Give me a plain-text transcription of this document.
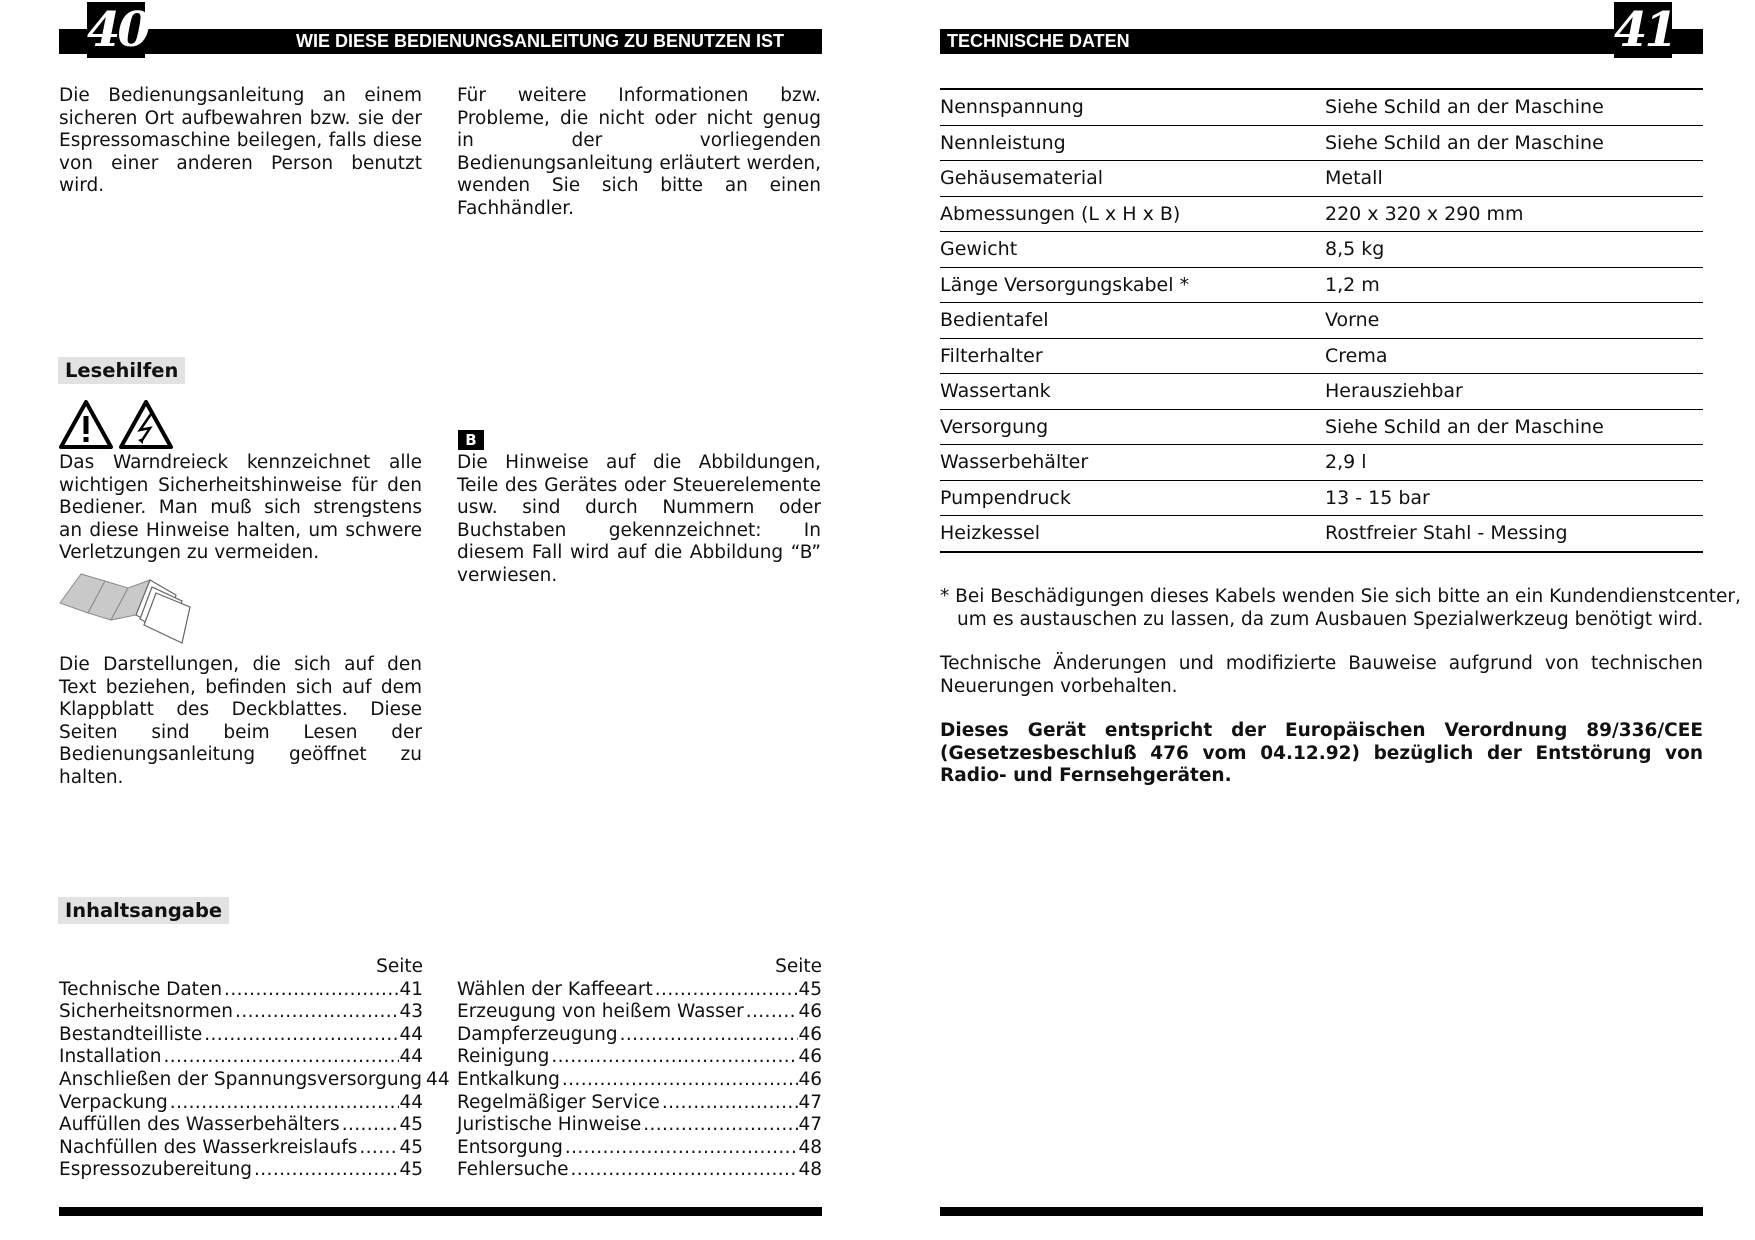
40	WIE DIESE BEDIENUNGSANLEITUNG ZU BENUTZEN IST
Die Bedienungsanleitung an einem sicheren Ort aufbewahren bzw. sie der Espressomaschine beilegen, falls diese von einer anderen Person benutzt wird.
Für weitere Informationen bzw. Probleme, die nicht oder nicht genug in der vorliegenden Bedienungsanleitung erläutert werden, wenden Sie sich bitte an einen Fachhändler.
Lesehilfen
Das Warndreieck kennzeichnet alle wichtigen Sicherheitshinweise für den Bediener. Man muß sich strengstens an diese Hinweise halten, um schwere Verletzungen zu vermeiden.
B
Die Hinweise auf die Abbildungen, Teile des Gerätes oder Steuerelemente usw. sind durch Nummern oder Buchstaben gekennzeichnet: In diesem Fall wird auf die Abbildung “B” verwiesen.
Die Darstellungen, die sich auf den Text beziehen, befinden sich auf dem Klappblatt des Deckblattes. Diese Seiten sind beim Lesen der Bedienungsanleitung geöffnet zu halten.
Inhaltsangabe
Seite
Technische Daten .....	41
Sicherheitsnormen .....	43
Bestandteilliste .....	44
Installation .....	44
Anschließen der Spannungsversorgung ..... 44
Verpackung .....	44
Auffüllen des Wasserbehälters .....	45
Nachfüllen des Wasserkreislaufs ..... 45
Espressozubereitung .....	45
Seite
Wählen der Kaffeeart .....	45
Erzeugung von heißem Wasser .....	46
Dampferzeugung .....	46
Reinigung .....	46
Entkalkung .....	46
Regelmäßiger Service .....	47
Juristische Hinweise .....	47
Entsorgung .....	48
Fehlersuche .....	48
TECHNISCHE DATEN	41
Nennspannung	Siehe Schild an der Maschine
Nennleistung	Siehe Schild an der Maschine
Gehäusematerial	Metall
Abmessungen (L x H x B)	220 x 320 x 290 mm
Gewicht	8,5 kg
Länge Versorgungskabel *	1,2 m
Bedientafel	Vorne
Filterhalter	Crema
Wassertank	Herausziehbar
Versorgung	Siehe Schild an der Maschine
Wasserbehälter	2,9 l
Pumpendruck	13 - 15 bar
Heizkessel	Rostfreier Stahl - Messing
* Bei Beschädigungen dieses Kabels wenden Sie sich bitte an ein Kundendienstcenter,
um es austauschen zu lassen, da zum Ausbauen Spezialwerkzeug benötigt wird.
Technische Änderungen und modifizierte Bauweise aufgrund von technischen Neuerungen vorbehalten.
Dieses Gerät entspricht der Europäischen Verordnung 89/336/CEE (Gesetzesbeschluß 476 vom 04.12.92) bezüglich der Entstörung von Radio- und Fernsehgeräten.
